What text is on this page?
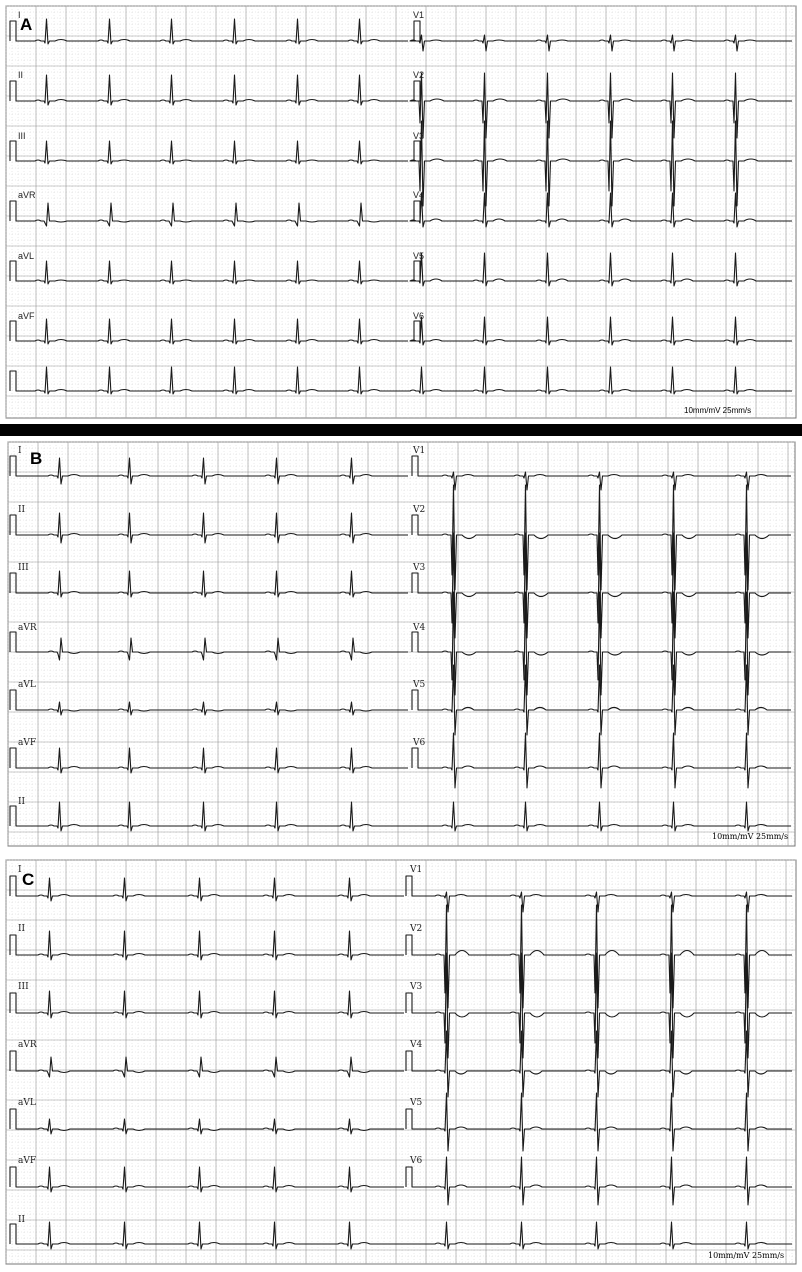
A
I
II
III
aVR
aVL
aVF
V1
V2
V3
V4
V5
V6
10mm/mV 25mm/s
B
I
II
III
aVR
aVL
aVF
II
V1
V2
V3
V4
V5
V6
10mm/mV 25mm/s
C
I
II
III
aVR
aVL
aVF
II
V1
V2
V3
V4
V5
V6
10mm/mV 25mm/s
